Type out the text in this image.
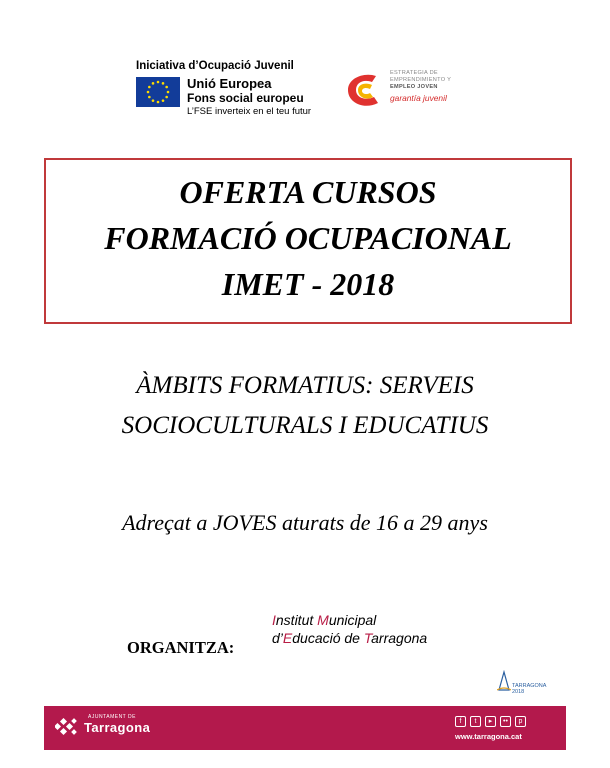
Iniciativa d’Ocupació Juvenil
Unió Europea
Fons social europeu
L’FSE inverteix en el teu futur
ESTRATEGIA DE
EMPRENDIMIENTO Y
EMPLEO JOVEN
garantía juvenil
OFERTA CURSOS
FORMACIÓ OCUPACIONAL
IMET - 2018
ÀMBITS FORMATIUS: SERVEIS
SOCIOCULTURALS I EDUCATIUS
Adreçat a JOVES aturats de 16 a 29 anys
ORGANITZA:
Institut Municipal
d’Educació de Tarragona
TARRAGONA
2018
AJUNTAMENT DE
Tarragona	f	t	▸	••	p
www.tarragona.cat
